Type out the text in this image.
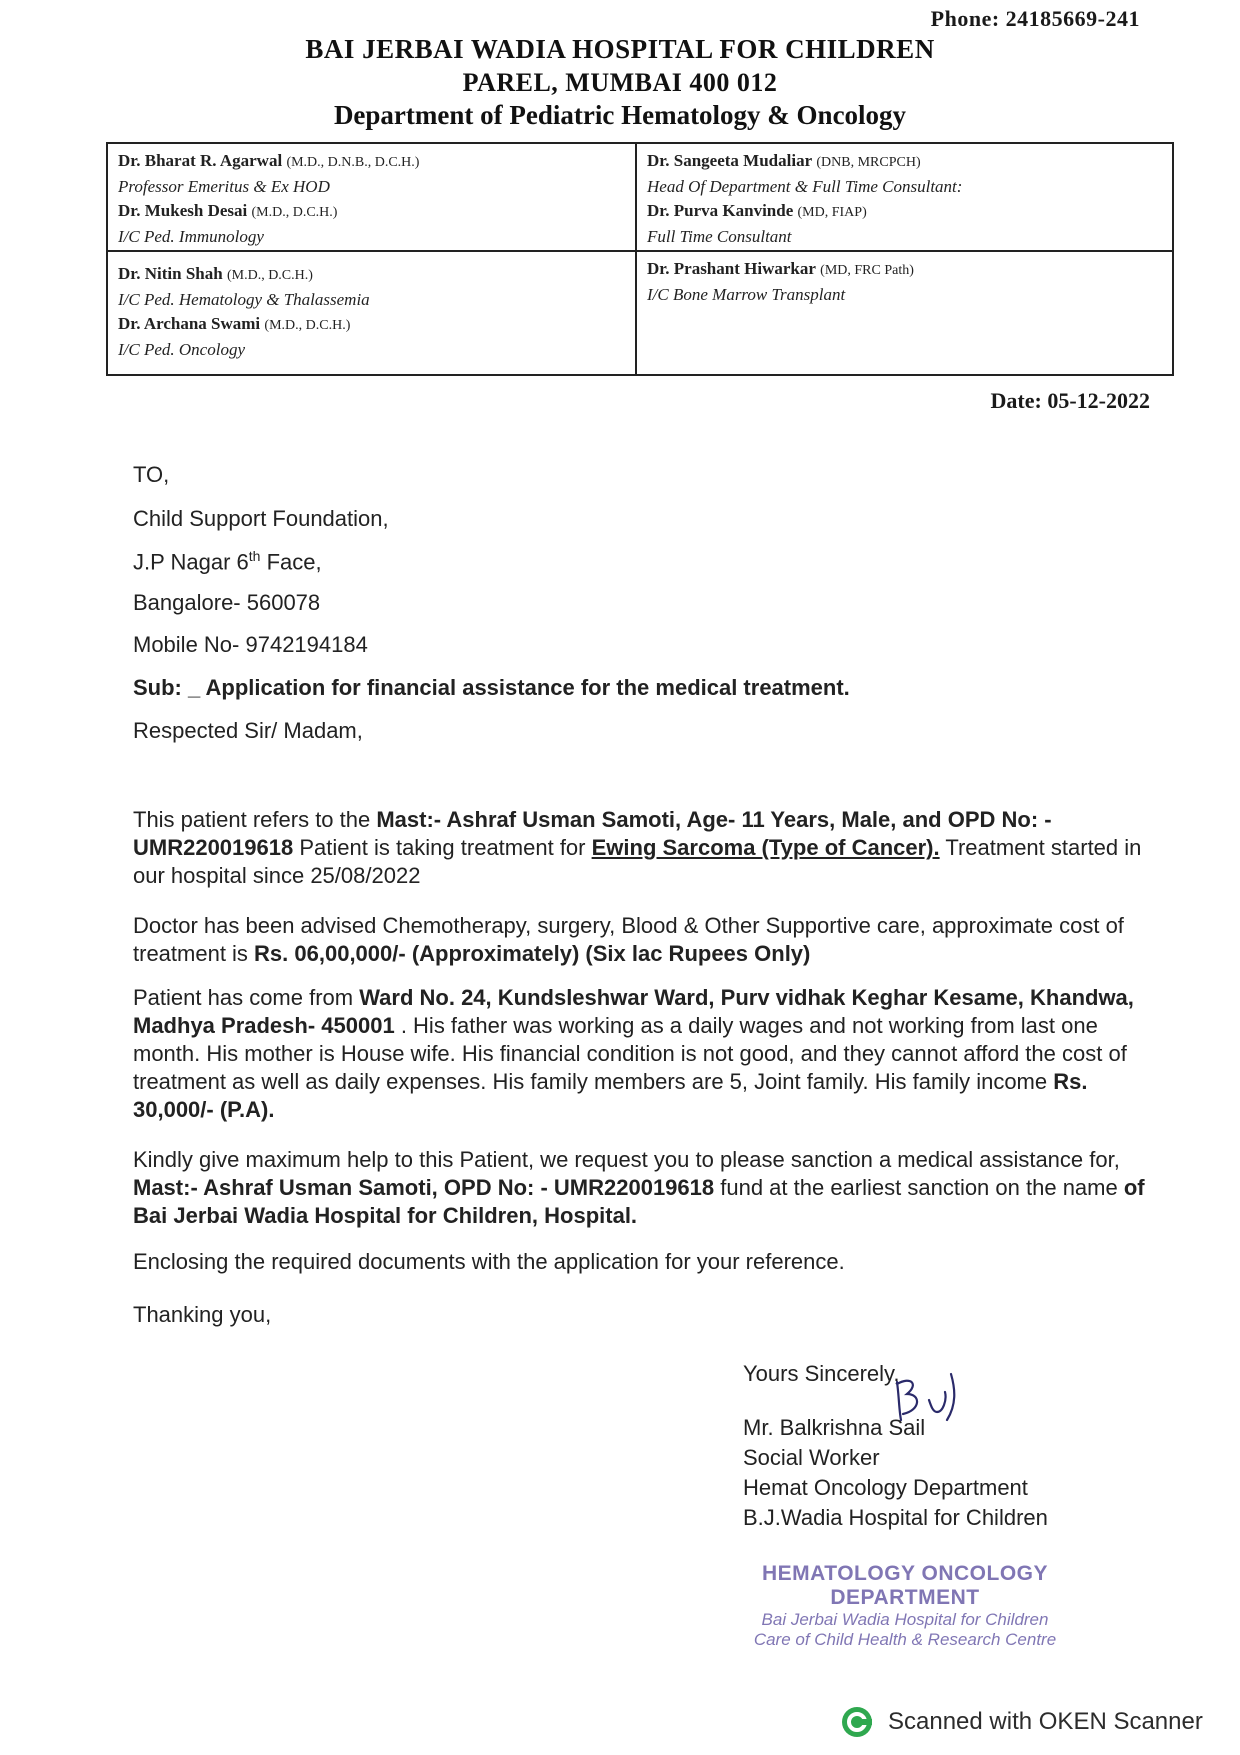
Phone: 24185669-241
BAI JERBAI WADIA HOSPITAL FOR CHILDREN
PAREL, MUMBAI 400 012
Department of Pediatric Hematology & Oncology
Dr. Bharat R. Agarwal (M.D., D.N.B., D.C.H.)
Professor Emeritus & Ex HOD
Dr. Mukesh Desai (M.D., D.C.H.)
I/C Ped. Immunology
Dr. Sangeeta Mudaliar (DNB, MRCPCH)
Head Of Department & Full Time Consultant:
Dr. Purva Kanvinde (MD, FIAP)
Full Time Consultant
Dr. Nitin Shah (M.D., D.C.H.)
I/C Ped. Hematology & Thalassemia
Dr. Archana Swami (M.D., D.C.H.)
I/C Ped. Oncology
Dr. Prashant Hiwarkar (MD, FRC Path)
I/C Bone Marrow Transplant
Date: 05-12-2022
TO,
Child Support Foundation,
J.P Nagar 6th Face,
Bangalore- 560078
Mobile No- 9742194184
Sub: _ Application for financial assistance for the medical treatment.
Respected Sir/ Madam,
This patient refers to the Mast:- Ashraf Usman Samoti, Age- 11 Years, Male, and OPD No: - UMR220019618 Patient is taking treatment for Ewing Sarcoma (Type of Cancer). Treatment started in our hospital since 25/08/2022
Doctor has been advised Chemotherapy, surgery, Blood & Other Supportive care, approximate cost of treatment is Rs. 06,00,000/- (Approximately) (Six lac Rupees Only)
Patient has come from Ward No. 24, Kundsleshwar Ward, Purv vidhak Keghar Kesame, Khandwa, Madhya Pradesh- 450001 . His father was working as a daily wages and not working from last one month. His mother is House wife. His financial condition is not good, and they cannot afford the cost of treatment as well as daily expenses. His family members are 5, Joint family. His family income Rs. 30,000/- (P.A).
Kindly give maximum help to this Patient, we request you to please sanction a medical assistance for, Mast:- Ashraf Usman Samoti, OPD No: - UMR220019618 fund at the earliest sanction on the name of Bai Jerbai Wadia Hospital for Children, Hospital.
Enclosing the required documents with the application for your reference.
Thanking you,
Yours Sincerely,
Mr. Balkrishna Sail
Social Worker
Hemat Oncology Department
B.J.Wadia Hospital for Children
HEMATOLOGY ONCOLOGY DEPARTMENT
Bai Jerbai Wadia Hospital for Children
Care of Child Health & Research Centre
Scanned with OKEN Scanner
